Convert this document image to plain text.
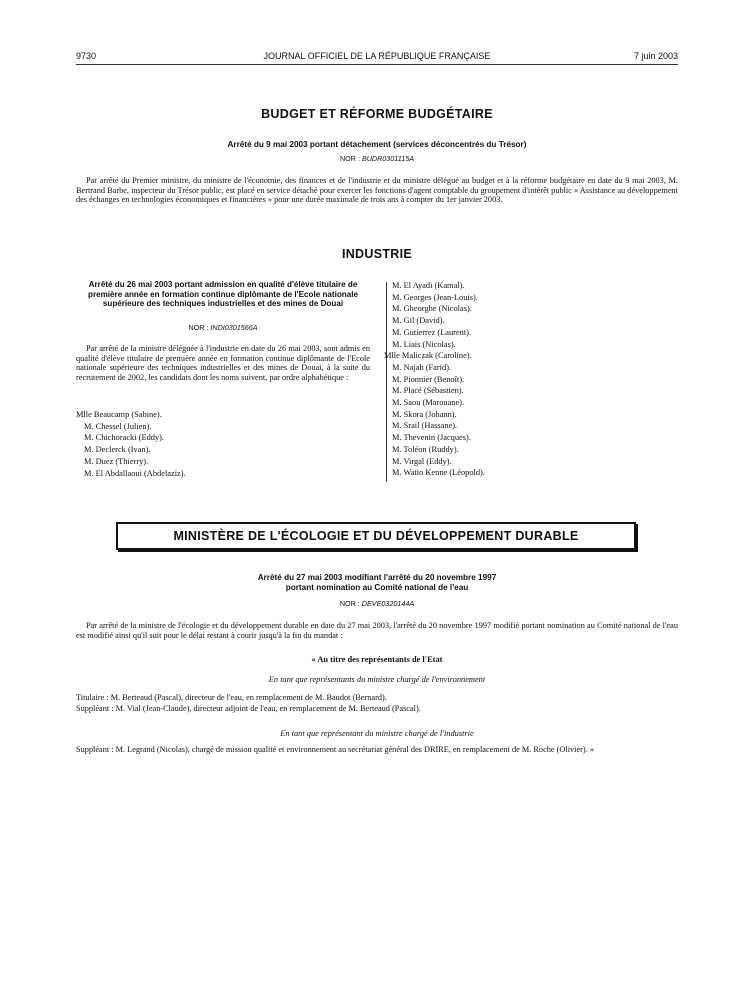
9730	JOURNAL OFFICIEL DE LA RÉPUBLIQUE FRANÇAISE	7 juin 2003
BUDGET ET RÉFORME BUDGÉTAIRE
Arrêté du 9 mai 2003 portant détachement (services déconcentrés du Trésor)
NOR : BUDR0301115A

Par arrêté du Premier ministre, du ministre de l'économie, des finances et de l'industrie et du ministre délégué au budget et à la réforme budgétaire en date du 9 mai 2003, M. Bertrand Barbe, inspecteur du Trésor public, est placé en service détaché pour exercer les fonctions d'agent comptable du groupement d'intérêt public « Assistance au développement des échanges en technologies économiques et financières » pour une durée maximale de trois ans à compter du 1er janvier 2003.

INDUSTRIE
Arrêté du 26 mai 2003 portant admission en qualité d'élève titulaire de première année en formation continue diplômante de l'Ecole nationale supérieure des techniques industrielles et des mines de Douai
NOR : INDI0301566A

Par arrêté de la ministre déléguée à l'industrie en date du 26 mai 2003, sont admis en qualité d'élève titulaire de première année en formation continue diplômante de l'Ecole nationale supérieure des techniques industrielles et des mines de Douai, à la suite du recrutement de 2002, les candidats dont les noms suivent, par ordre alphabétique :

Mlle Beaucamp (Sabine).
M. Chessel (Julien).
M. Chichoracki (Eddy).
M. Declerck (Ivan).
M. Duez (Thierry).
M. El Abdallaoui (Abdelaziz).
M. El Ayadi (Kamal).
M. Georges (Jean-Louis).
M. Gheorghe (Nicolas).
M. Gil (David).
M. Gutierrez (Laurent).
M. Liais (Nicolas).
Mlle Maliczak (Caroline).
M. Najah (Farid).
M. Pionnier (Benoît).
M. Placé (Sébastien).
M. Saou (Marouane).
M. Skora (Johann).
M. Srail (Hassane).
M. Thevenin (Jacques).
M. Toléon (Ruddy).
M. Virgal (Eddy).
M. Watio Kenne (Léopold).
MINISTÈRE DE L'ÉCOLOGIE ET DU DÉVELOPPEMENT DURABLE
Arrêté du 27 mai 2003 modifiant l'arrêté du 20 novembre 1997
portant nomination au Comité national de l'eau
NOR : DEVE0320144A

Par arrêté de la ministre de l'écologie et du développement durable en date du 27 mai 2003, l'arrêté du 20 novembre 1997 modifié portant nomination au Comité national de l'eau est modifié ainsi qu'il suit pour le délai restant à courir jusqu'à la fin du mandat :

« Au titre des représentants de l'Etat
En tant que représentants du ministre chargé de l'environnement

Titulaire : M. Berteaud (Pascal), directeur de l'eau, en remplacement de M. Baudot (Bernard).

Suppléant : M. Vial (Jean-Claude), directeur adjoint de l'eau, en remplacement de M. Berteaud (Pascal).

En tant que représentant du ministre chargé de l'industrie

Suppléant : M. Legrand (Nicolas), chargé de mission qualité et environnement au secrétariat général des DRIRE, en remplacement de M. Roche (Olivier). »
